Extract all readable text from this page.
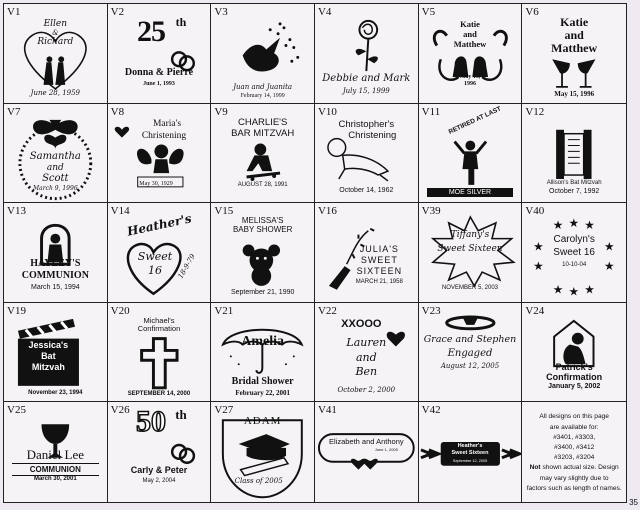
V1
Ellen
&
Richard
June 28, 1959
V2
25 th
Donna & Pierre
June 1, 1993
V3
Juan and Juanita
February 14, 1999
V4
Debbie and Mark
July 15, 1999
V5
Katie
and
Matthew
May 15,
1996
V6
Katie
and
Matthew
May 15, 1996
V7
Samantha
and
Scott
March 9, 1996
V8
Maria's
Christening
May 30, 1929
V9
CHARLIE'S
BAR MITZVAH
AUGUST 28, 1991
V10
Christopher's
Christening
October 14, 1962
V11	RETIRED AT LAST
MOE SILVER
V12
Allison's Bat Mitzvah
October 7, 1992
V13
HAYLEY'S
COMMUNION
March 15, 1994
V14
Heather's
Sweet
16	18-9-79
V15
MELISSA'S
BABY SHOWER
September 21, 1990
V16
JULIA'S
SWEET
SIXTEEN
MARCH 21, 1958
V39
Tiffany's
Sweet Sixteen
NOVEMBER 5, 2003
V40
★ ★ ★
★	★
★	★
★ ★ ★
Carolyn's
Sweet 16
10-10-04
V19
Jessica's
Bat
Mitzvah
November 23, 1994
V20
Michael's
Confirmation
SEPTEMBER 14, 2000
V21
Amelia
Bridal Shower
February 22, 2001
V22
XXOOO
Lauren
and
Ben
October 2, 2000
V23
Grace and Stephen
Engaged
August 12, 2005
V24
Patrick's
Confirmation
January 5, 2002
V25
Daniel Lee
COMMUNION
March 30, 2001
V26 50 th
Carly & Peter
May 2, 2004
V27
ADAM
Class of 2005
V41
Elizabeth and Anthony
June 1, 2005
V42
Heather's
Sweet Sixteen
September 12, 2005

All designs on this page

are available for:

#3401, #3303,

#3400, #3412

#3203, #3204

Not shown actual size. Design

may vary slightly due to

factors such as length of names.

35
